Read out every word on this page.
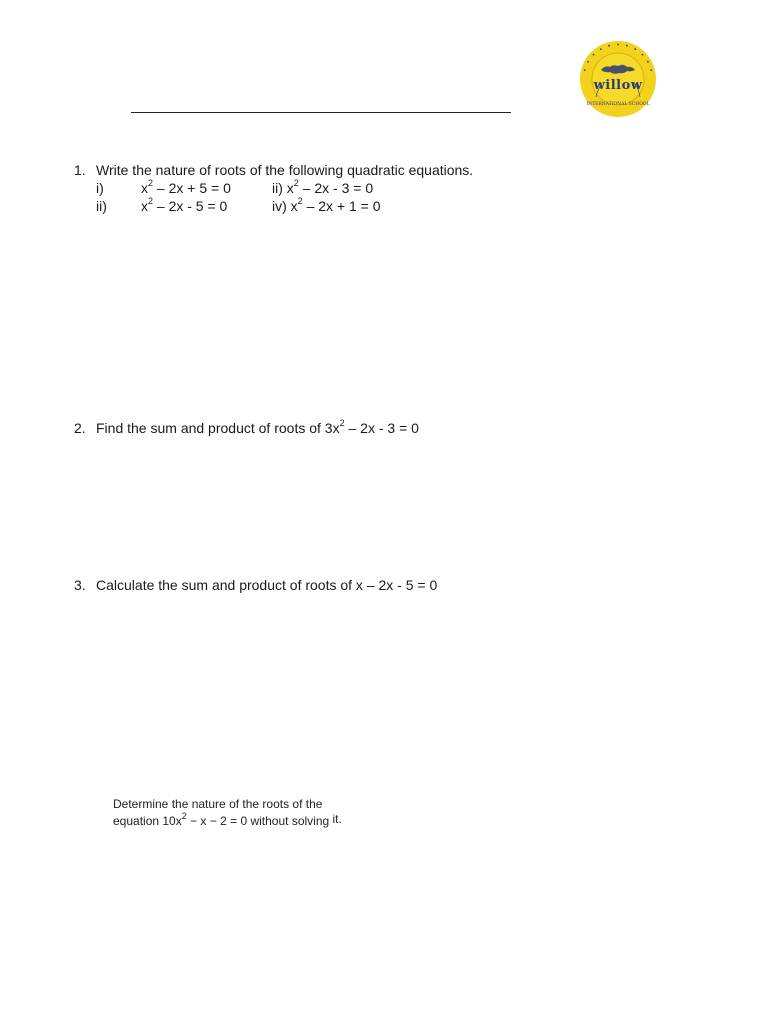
willow
INTERNATIONAL SCHOOL
1. Write the nature of roots of the following quadratic equations.
i)	$x^2 - 2x + 5 = 0$	ii) $x^2 - 2x - 3 = 0$
ii) $x^2 - 2x - 5 = 0$	iv) $x^2 - 2x + 1 = 0$
2. Find the sum and product of roots of $3x^2 - 2x - 3 = 0$
3. Calculate the sum and product of roots of x – 2x - 5 = 0
Determine the nature of the roots of the
equation $10x^2 - x - 2 = 0$ without solving it.
